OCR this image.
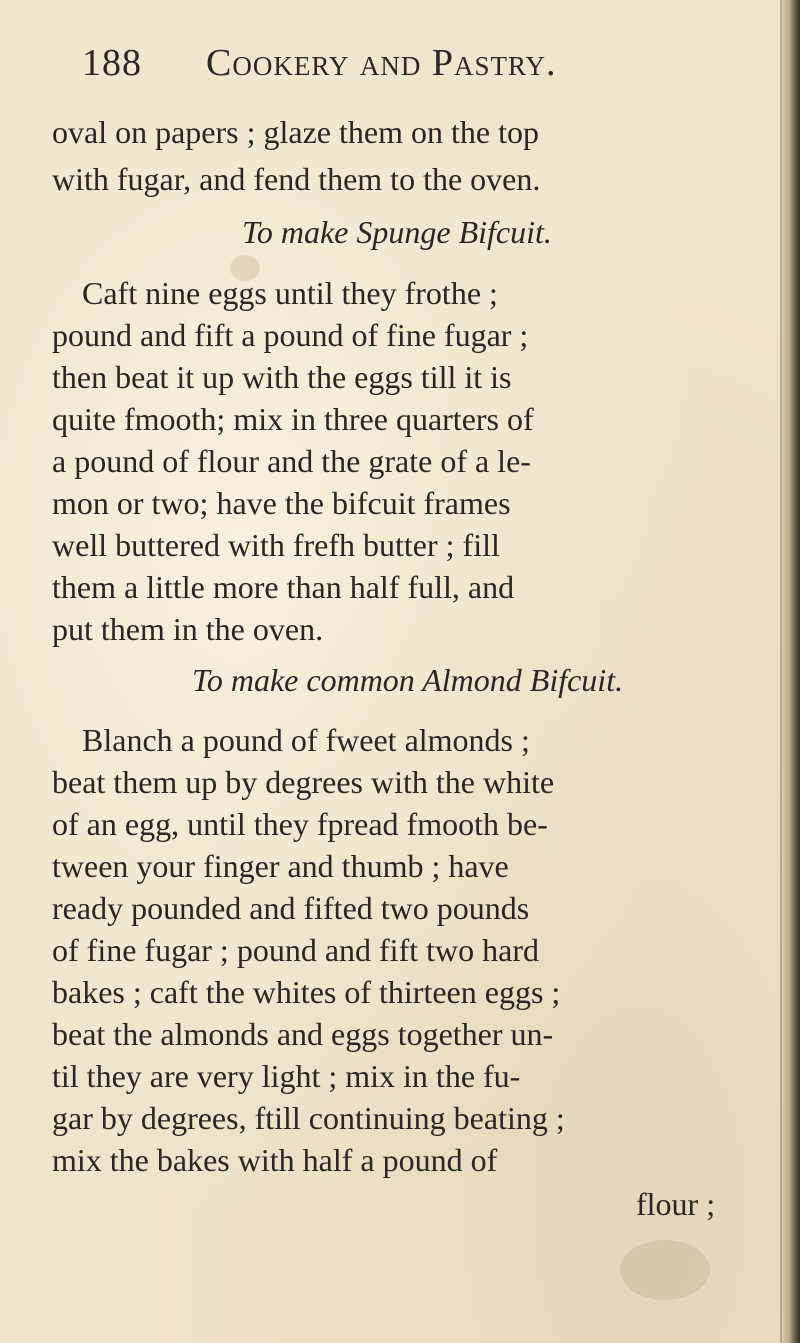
188 Cookery and Pastry.
oval on papers ; glaze them on the top
with fugar, and fend them to the oven.
To make Spunge Bifcuit.
Caft nine eggs until they frothe ;
pound and fift a pound of fine fugar ;
then beat it up with the eggs till it is
quite fmooth; mix in three quarters of
a pound of flour and the grate of a le-
mon or two; have the bifcuit frames
well buttered with frefh butter ; fill
them a little more than half full, and
put them in the oven.
To make common Almond Bifcuit.
Blanch a pound of fweet almonds ;
beat them up by degrees with the white
of an egg, until they fpread fmooth be-
tween your finger and thumb ; have
ready pounded and fifted two pounds
of fine fugar ; pound and fift two hard
bakes ; caft the whites of thirteen eggs ;
beat the almonds and eggs together un-
til they are very light ; mix in the fu-
gar by degrees, ftill continuing beating ;
mix the bakes with half a pound of
flour ;
